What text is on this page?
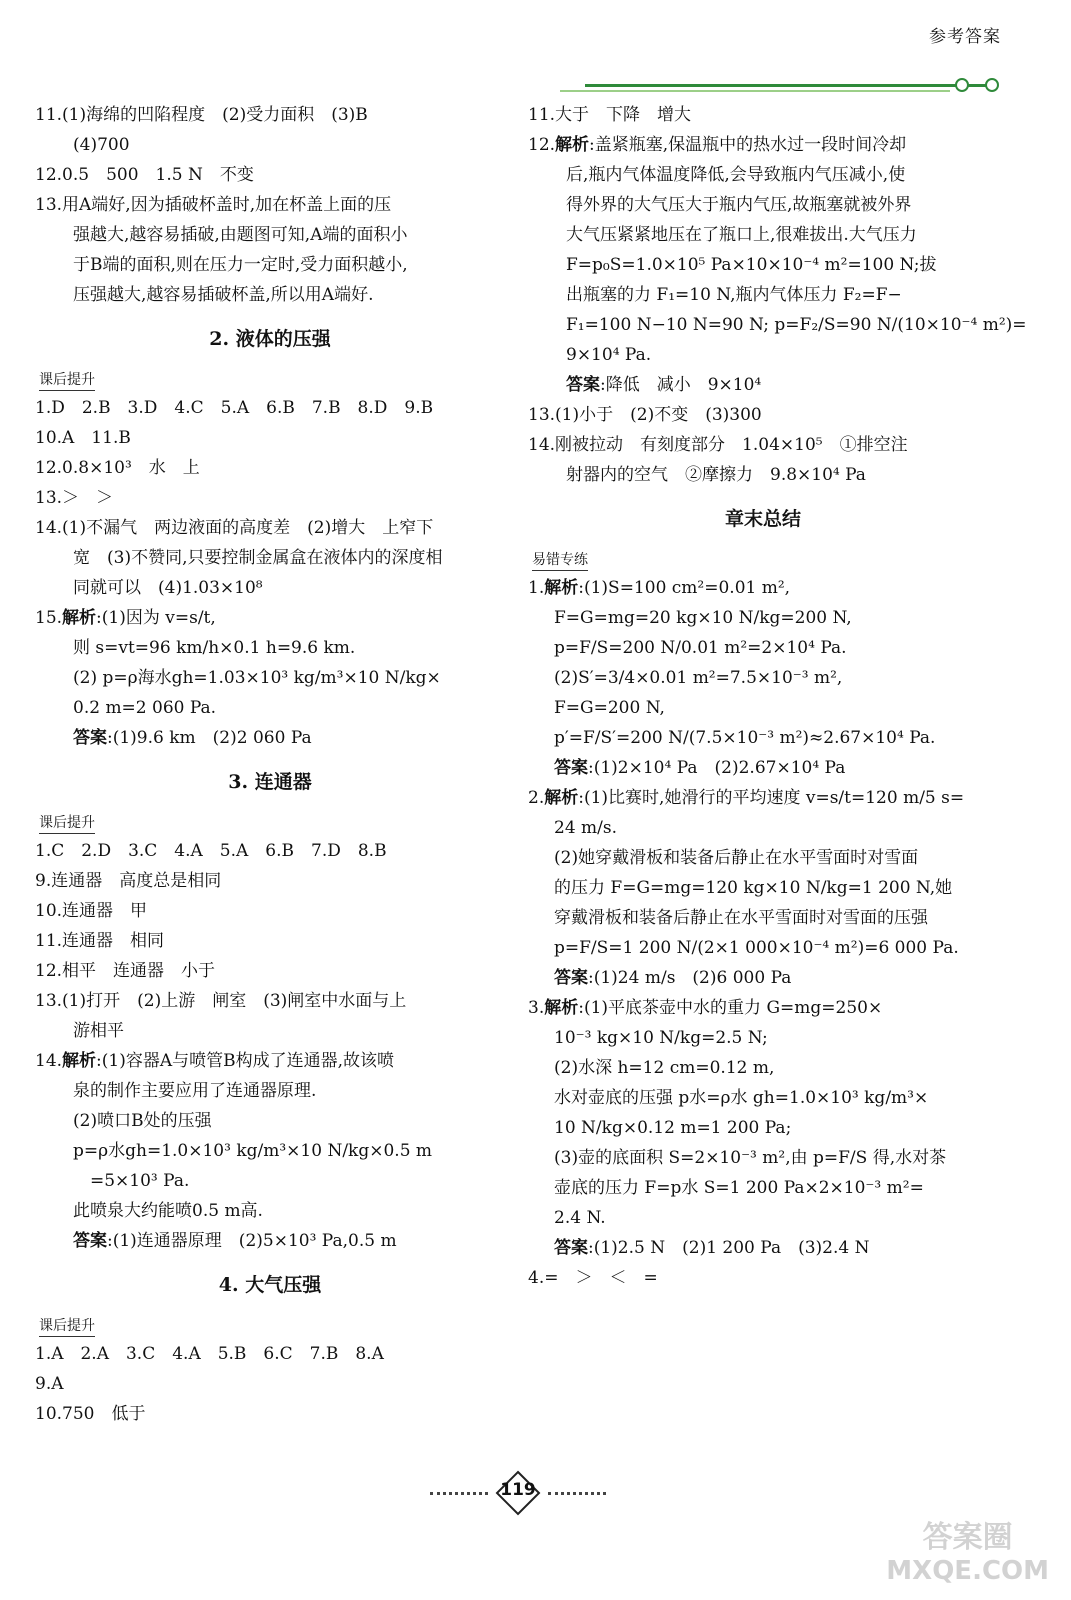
参考答案
11.(1)海绵的凹陷程度　(2)受力面积　(3)B
(4)700
12.0.5　500　1.5 N　不变
13.用A端好,因为插破杯盖时,加在杯盖上面的压
强越大,越容易插破,由题图可知,A端的面积小
于B端的面积,则在压力一定时,受力面积越小,
压强越大,越容易插破杯盖,所以用A端好.
2. 液体的压强
课后提升
1.D　2.B　3.D　4.C　5.A　6.B　7.B　8.D　9.B
10.A　11.B
12.0.8×10³　水　上
13.＞　＞
14.(1)不漏气　两边液面的高度差　(2)增大　上窄下
宽　(3)不赞同,只要控制金属盒在液体内的深度相
同就可以　(4)1.03×10⁸
15.解析:(1)因为 v=s/t,
则 s=vt=96 km/h×0.1 h=9.6 km.
(2) p=ρ海水gh=1.03×10³ kg/m³×10 N/kg×
0.2 m=2 060 Pa.
答案:(1)9.6 km　(2)2 060 Pa
3. 连通器
课后提升
1.C　2.D　3.C　4.A　5.A　6.B　7.D　8.B
9.连通器　高度总是相同
10.连通器　甲
11.连通器　相同
12.相平　连通器　小于
13.(1)打开　(2)上游　闸室　(3)闸室中水面与上
游相平
14.解析:(1)容器A与喷管B构成了连通器,故该喷
泉的制作主要应用了连通器原理.
(2)喷口B处的压强
p=ρ水gh=1.0×10³ kg/m³×10 N/kg×0.5 m
　=5×10³ Pa.
此喷泉大约能喷0.5 m高.
答案:(1)连通器原理　(2)5×10³ Pa,0.5 m
4. 大气压强
课后提升
1.A　2.A　3.C　4.A　5.B　6.C　7.B　8.A
9.A
10.750　低于
11.大于　下降　增大
12.解析:盖紧瓶塞,保温瓶中的热水过一段时间冷却
后,瓶内气体温度降低,会导致瓶内气压减小,使
得外界的大气压大于瓶内气压,故瓶塞就被外界
大气压紧紧地压在了瓶口上,很难拔出.大气压力
F=p₀S=1.0×10⁵ Pa×10×10⁻⁴ m²=100 N;拔
出瓶塞的力 F₁=10 N,瓶内气体压力 F₂=F−
F₁=100 N−10 N=90 N; p=F₂/S=90 N/(10×10⁻⁴ m²)=
9×10⁴ Pa.
答案:降低　减小　9×10⁴
13.(1)小于　(2)不变　(3)300
14.刚被拉动　有刻度部分　1.04×10⁵　①排空注
射器内的空气　②摩擦力　9.8×10⁴ Pa
章末总结
易错专练
1.解析:(1)S=100 cm²=0.01 m²,
F=G=mg=20 kg×10 N/kg=200 N,
p=F/S=200 N/0.01 m²=2×10⁴ Pa.
(2)S′=3/4×0.01 m²=7.5×10⁻³ m²,
F=G=200 N,
p′=F/S′=200 N/(7.5×10⁻³ m²)≈2.67×10⁴ Pa.
答案:(1)2×10⁴ Pa　(2)2.67×10⁴ Pa
2.解析:(1)比赛时,她滑行的平均速度 v=s/t=120 m/5 s=
24 m/s.
(2)她穿戴滑板和装备后静止在水平雪面时对雪面
的压力 F=G=mg=120 kg×10 N/kg=1 200 N,她
穿戴滑板和装备后静止在水平雪面时对雪面的压强
p=F/S=1 200 N/(2×1 000×10⁻⁴ m²)=6 000 Pa.
答案:(1)24 m/s　(2)6 000 Pa
3.解析:(1)平底茶壶中水的重力 G=mg=250×
10⁻³ kg×10 N/kg=2.5 N;
(2)水深 h=12 cm=0.12 m,
水对壶底的压强 p水=ρ水 gh=1.0×10³ kg/m³×
10 N/kg×0.12 m=1 200 Pa;
(3)壶的底面积 S=2×10⁻³ m²,由 p=F/S 得,水对茶
壶底的压力 F=p水 S=1 200 Pa×2×10⁻³ m²=
2.4 N.
答案:(1)2.5 N　(2)1 200 Pa　(3)2.4 N
4.=　＞　＜　=
119
答案圈
MXQE.COM
